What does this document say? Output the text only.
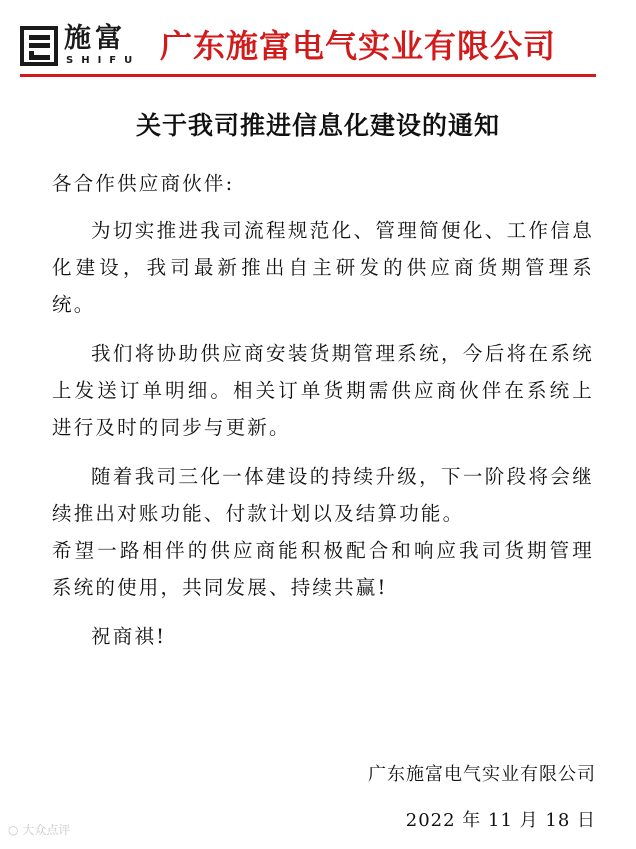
施富
SHIFU 广东施富电气实业有限公司
关于我司推进信息化建设的通知

各合作供应商伙伴:

为切实推进我司流程规范化、管理简便化、工作信息化建设，我司最新推出自主研发的供应商货期管理系统。

我们将协助供应商安装货期管理系统，今后将在系统上发送订单明细。相关订单货期需供应商伙伴在系统上进行及时的同步与更新。

随着我司三化一体建设的持续升级，下一阶段将会继续推出对账功能、付款计划以及结算功能。

希望一路相伴的供应商能积极配合和响应我司货期管理系统的使用，共同发展、持续共赢!

祝商祺!

广东施富电气实业有限公司
2022 年 11 月 18 日
○ 大众点评
